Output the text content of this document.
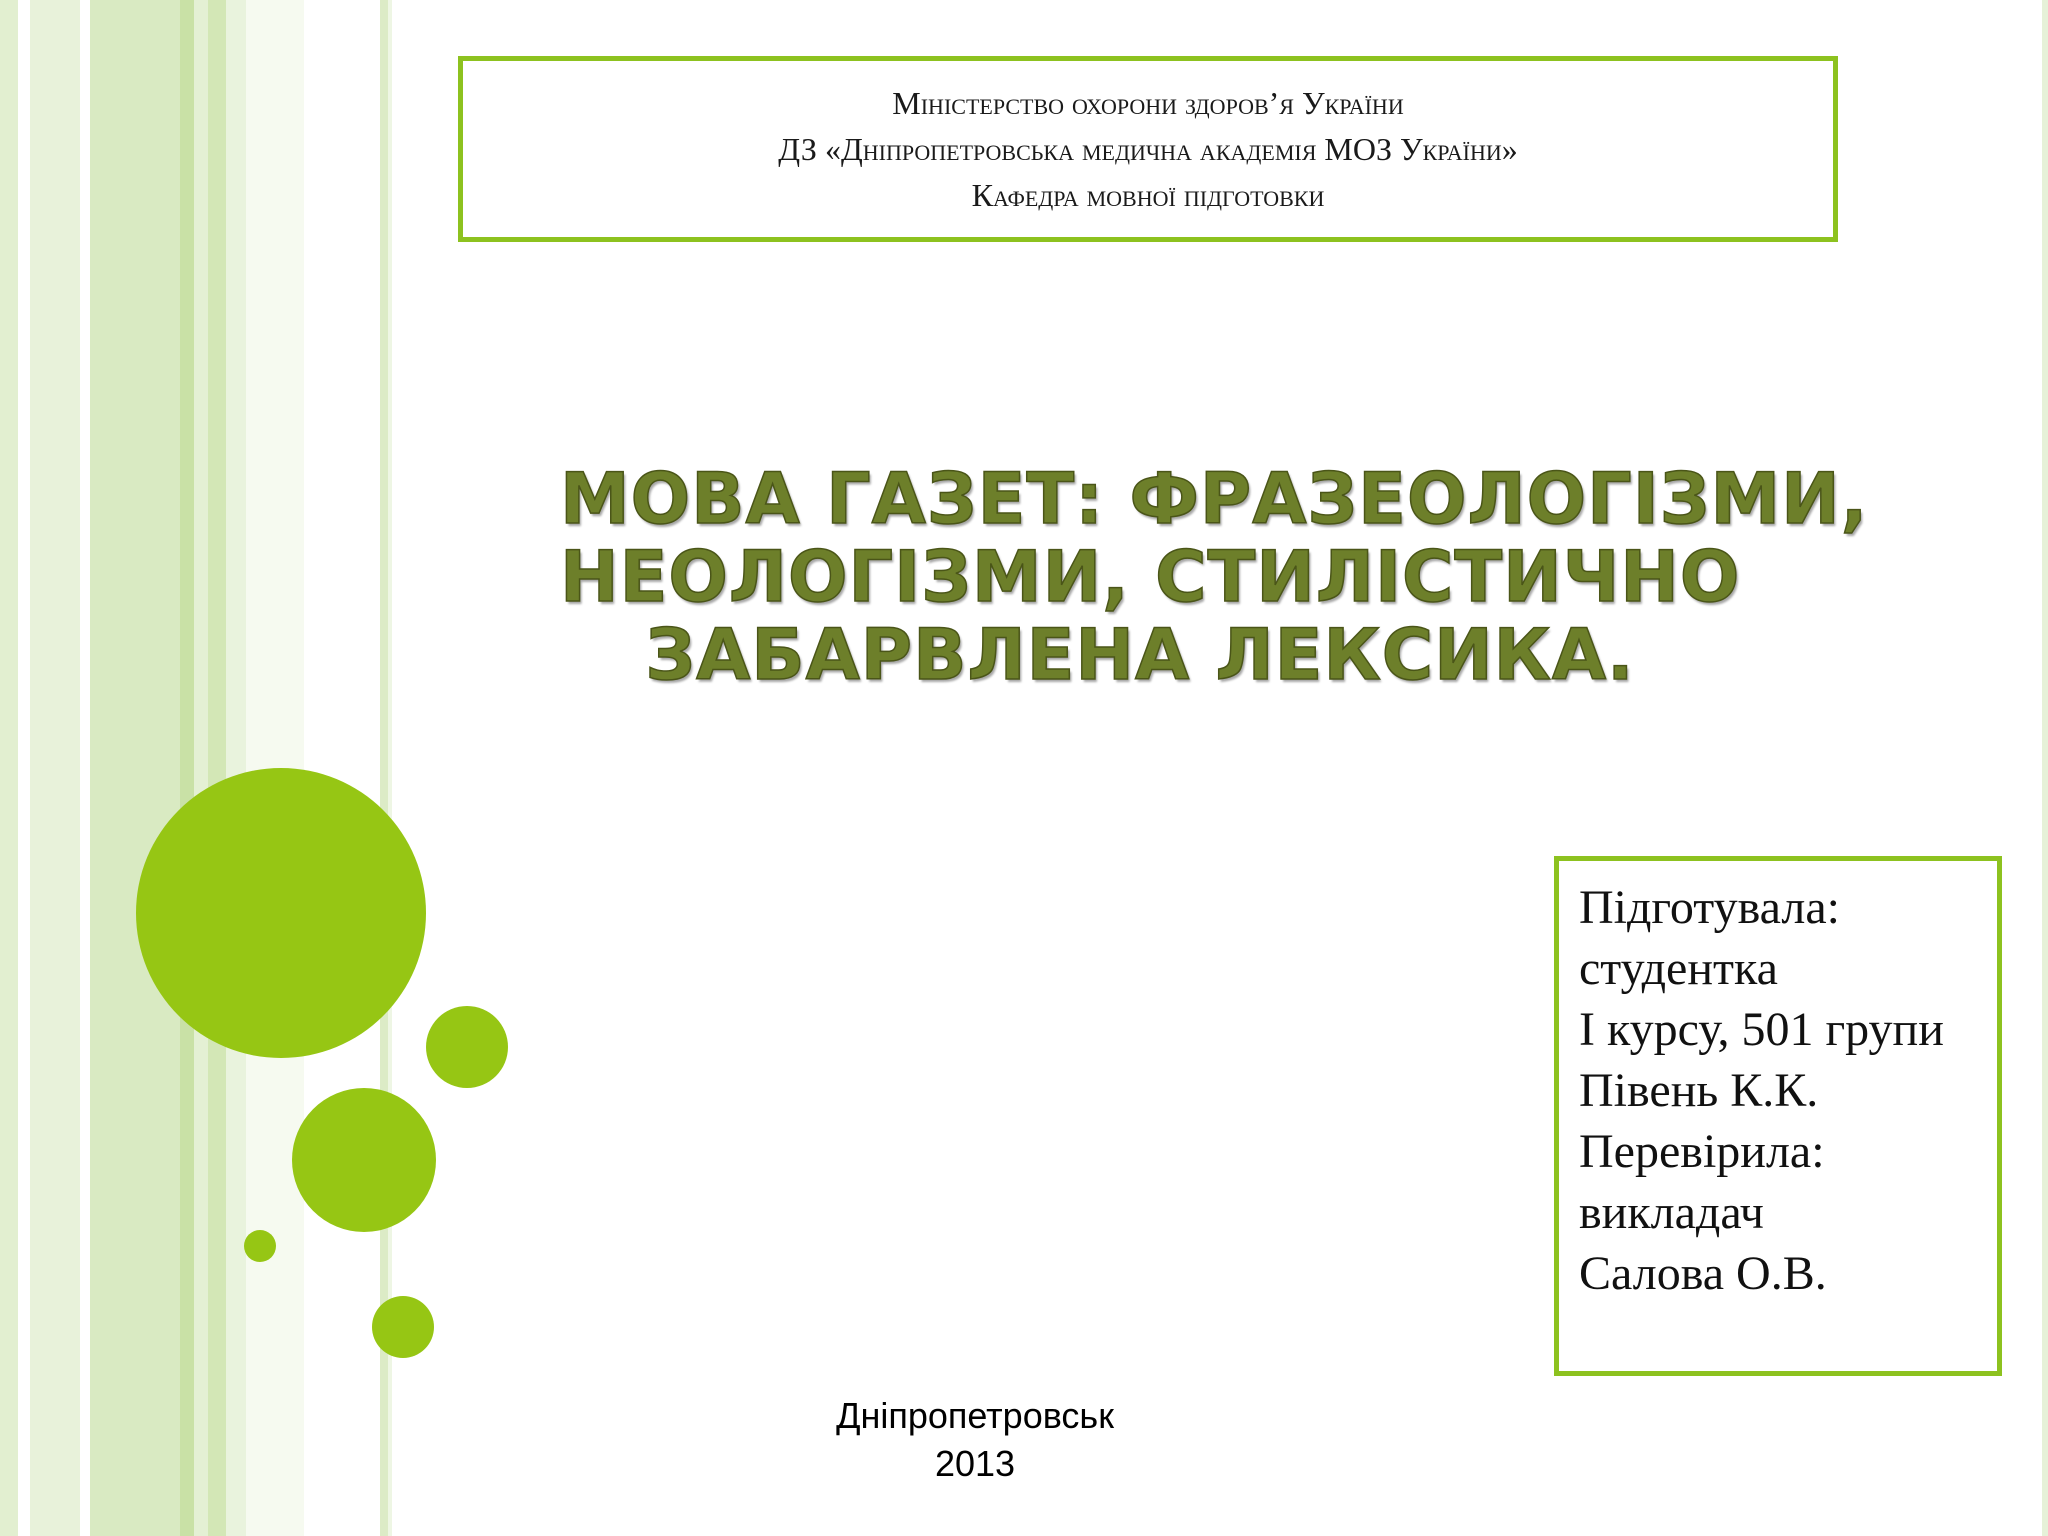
Міністерство охорони здоров’я України
ДЗ «Дніпропетровська медична академія МОЗ України»
Кафедра мовної підготовки
МОВА ГАЗЕТ: ФРАЗЕОЛОГІЗМИ,
НЕОЛОГІЗМИ, СТИЛІСТИЧНО
ЗАБАРВЛЕНА ЛЕКСИКА.
Підготувала:
студентка
І курсу, 501 групи
Півень К.К.
Перевірила:
викладач
Салова О.В.
Дніпропетровськ
2013
